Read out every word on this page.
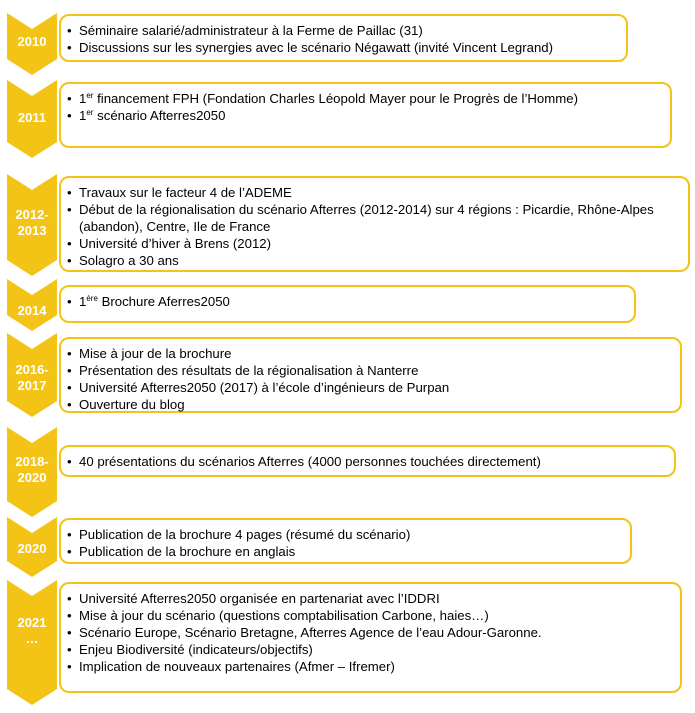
2010
• Séminaire salarié/administrateur à la Ferme de Paillac (31)
• Discussions sur les synergies avec le scénario Négawatt (invité Vincent Legrand)
2011
• 1er financement FPH (Fondation Charles Léopold Mayer pour le Progrès de l’Homme)
• 1er scénario Afterres2050
2012-
2013
• Travaux sur le facteur 4 de l’ADEME
• Début de la régionalisation du scénario Afterres (2012-2014) sur 4 régions : Picardie, Rhône-Alpes (abandon), Centre, Ile de France
• Université d’hiver à Brens (2012)
• Solagro a 30 ans
2014
• 1ère Brochure Aferres2050
2016-
2017
• Mise à jour de la brochure
• Présentation des résultats de la régionalisation à Nanterre
• Université Afterres2050 (2017) à l’école d’ingénieurs de Purpan
• Ouverture du blog
2018-
2020
• 40 présentations du scénarios Afterres (4000 personnes touchées directement)
2020
• Publication de la brochure 4 pages (résumé du scénario)
• Publication de la brochure en anglais
2021
…
• Université Afterres2050 organisée en partenariat avec l’IDDRI
• Mise à jour du scénario (questions comptabilisation Carbone, haies…)
• Scénario Europe, Scénario Bretagne, Afterres Agence de l’eau Adour-Garonne.
• Enjeu Biodiversité (indicateurs/objectifs)
• Implication de nouveaux partenaires (Afmer – Ifremer)
